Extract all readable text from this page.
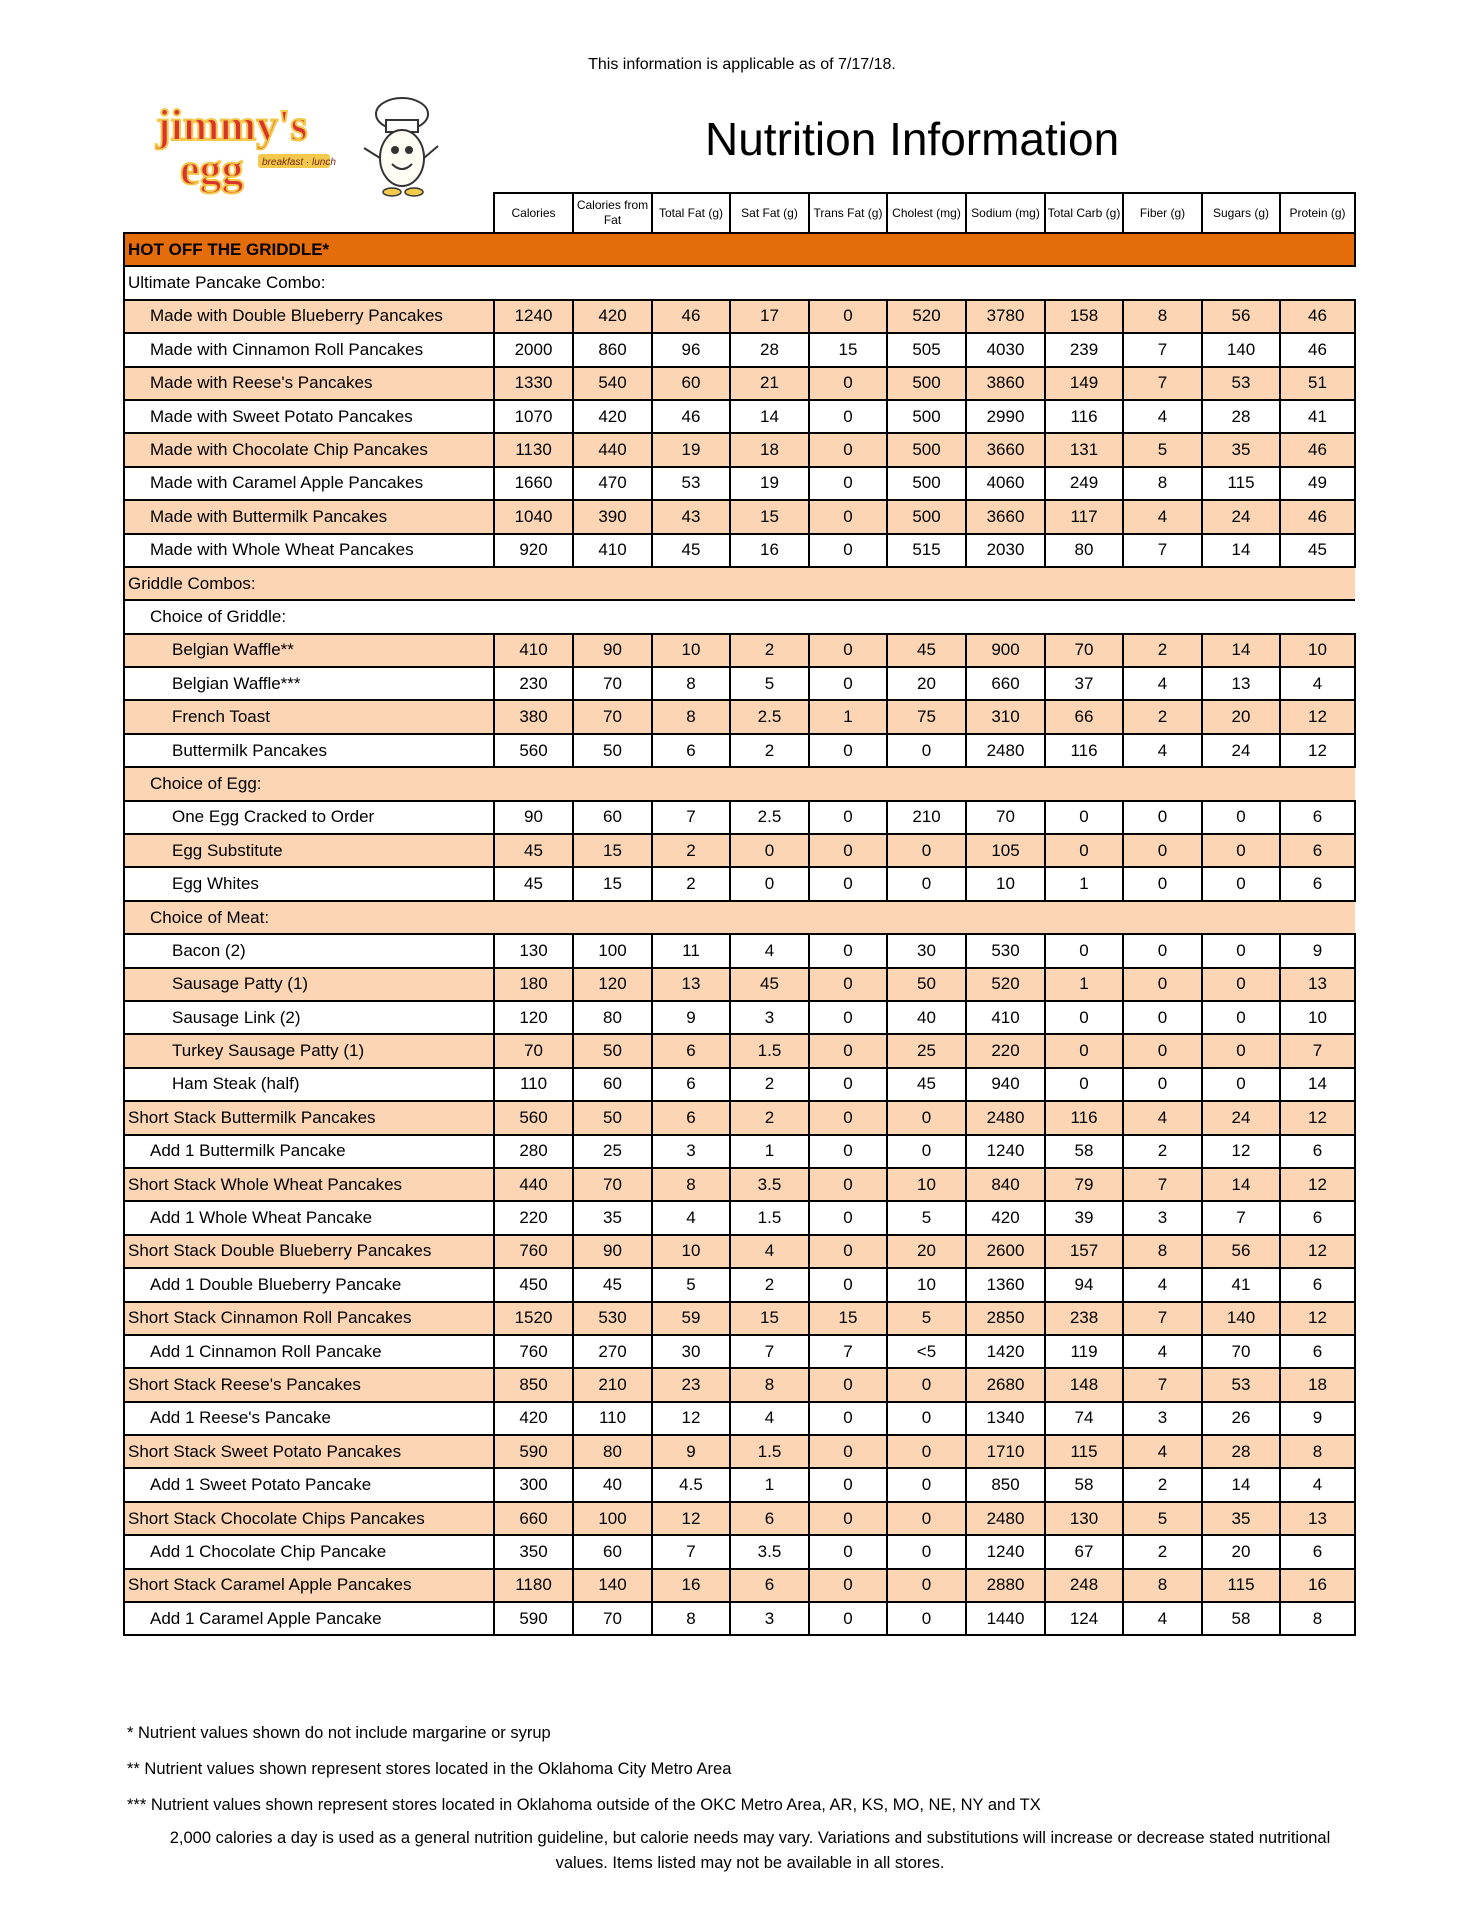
This information is applicable as of 7/17/18.
jimmy's
egg breakfast · lunch	Nutrition Information
	Calories	Calories from Fat	Total Fat (g)	Sat Fat (g)	Trans Fat (g)	Cholest (mg)	Sodium (mg)	Total Carb (g)	Fiber (g)	Sugars (g)	Protein (g)
HOT OFF THE GRIDDLE*											
Ultimate Pancake Combo:											
Made with Double Blueberry Pancakes	1240	420	46	17	0	520	3780	158	8	56	46
Made with Cinnamon Roll Pancakes	2000	860	96	28	15	505	4030	239	7	140	46
Made with Reese's Pancakes	1330	540	60	21	0	500	3860	149	7	53	51
Made with Sweet Potato Pancakes	1070	420	46	14	0	500	2990	116	4	28	41
Made with Chocolate Chip Pancakes	1130	440	19	18	0	500	3660	131	5	35	46
Made with Caramel Apple Pancakes	1660	470	53	19	0	500	4060	249	8	115	49
Made with Buttermilk Pancakes	1040	390	43	15	0	500	3660	117	4	24	46
Made with Whole Wheat Pancakes	920	410	45	16	0	515	2030	80	7	14	45
Griddle Combos:											
Choice of Griddle:											
Belgian Waffle**	410	90	10	2	0	45	900	70	2	14	10
Belgian Waffle***	230	70	8	5	0	20	660	37	4	13	4
French Toast	380	70	8	2.5	1	75	310	66	2	20	12
Buttermilk Pancakes	560	50	6	2	0	0	2480	116	4	24	12
Choice of Egg:											
One Egg Cracked to Order	90	60	7	2.5	0	210	70	0	0	0	6
Egg Substitute	45	15	2	0	0	0	105	0	0	0	6
Egg Whites	45	15	2	0	0	0	10	1	0	0	6
Choice of Meat:											
Bacon (2)	130	100	11	4	0	30	530	0	0	0	9
Sausage Patty (1)	180	120	13	45	0	50	520	1	0	0	13
Sausage Link (2)	120	80	9	3	0	40	410	0	0	0	10
Turkey Sausage Patty (1)	70	50	6	1.5	0	25	220	0	0	0	7
Ham Steak (half)	110	60	6	2	0	45	940	0	0	0	14
Short Stack Buttermilk Pancakes	560	50	6	2	0	0	2480	116	4	24	12
Add 1 Buttermilk Pancake	280	25	3	1	0	0	1240	58	2	12	6
Short Stack Whole Wheat Pancakes	440	70	8	3.5	0	10	840	79	7	14	12
Add 1 Whole Wheat Pancake	220	35	4	1.5	0	5	420	39	3	7	6
Short Stack Double Blueberry Pancakes	760	90	10	4	0	20	2600	157	8	56	12
Add 1 Double Blueberry Pancake	450	45	5	2	0	10	1360	94	4	41	6
Short Stack Cinnamon Roll Pancakes	1520	530	59	15	15	5	2850	238	7	140	12
Add 1 Cinnamon Roll Pancake	760	270	30	7	7	<5	1420	119	4	70	6
Short Stack Reese's Pancakes	850	210	23	8	0	0	2680	148	7	53	18
Add 1 Reese's Pancake	420	110	12	4	0	0	1340	74	3	26	9
Short Stack Sweet Potato Pancakes	590	80	9	1.5	0	0	1710	115	4	28	8
Add 1 Sweet Potato Pancake	300	40	4.5	1	0	0	850	58	2	14	4
Short Stack Chocolate Chips Pancakes	660	100	12	6	0	0	2480	130	5	35	13
Add 1 Chocolate Chip Pancake	350	60	7	3.5	0	0	1240	67	2	20	6
Short Stack Caramel Apple Pancakes	1180	140	16	6	0	0	2880	248	8	115	16
Add 1 Caramel Apple Pancake	590	70	8	3	0	0	1440	124	4	58	8
* Nutrient values shown do not include margarine or syrup
** Nutrient values shown represent stores located in the Oklahoma City Metro Area
*** Nutrient values shown represent stores located in Oklahoma outside of the OKC Metro Area, AR, KS, MO, NE, NY and TX
2,000 calories a day is used as a general nutrition guideline, but calorie needs may vary. Variations and substitutions will increase or decrease stated nutritional values. Items listed may not be available in all stores.
